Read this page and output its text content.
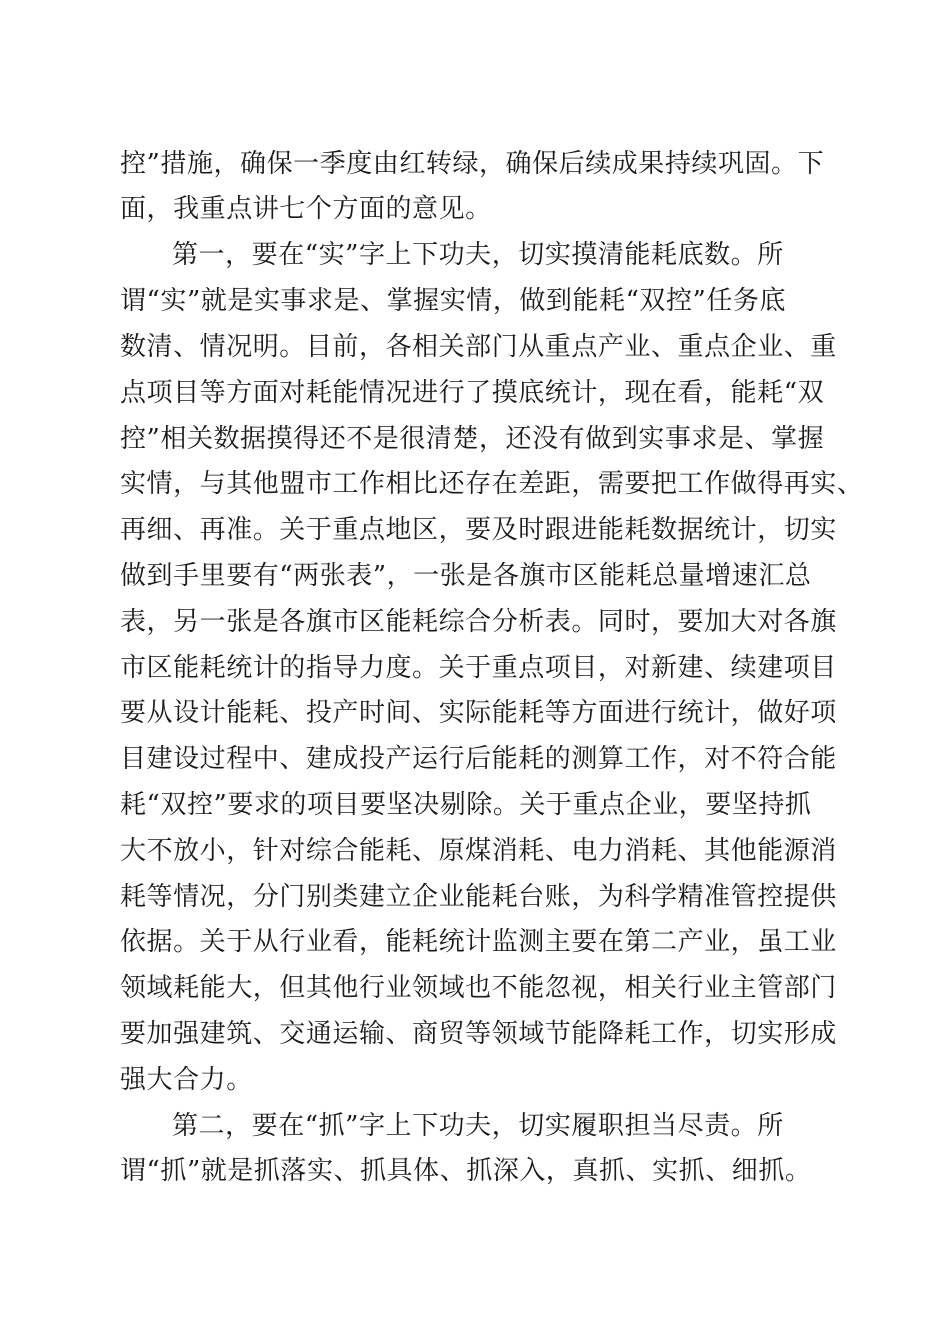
控”措施，确保一季度由红转绿，确保后续成果持续巩固。下
面，我重点讲七个方面的意见。
第一，要在“实”字上下功夫，切实摸清能耗底数。所
谓“实”就是实事求是、掌握实情，做到能耗“双控”任务底
数清、情况明。目前，各相关部门从重点产业、重点企业、重
点项目等方面对耗能情况进行了摸底统计，现在看，能耗“双
控”相关数据摸得还不是很清楚，还没有做到实事求是、掌握
实情，与其他盟市工作相比还存在差距，需要把工作做得再实、
再细、再准。关于重点地区，要及时跟进能耗数据统计，切实
做到手里要有“两张表”，一张是各旗市区能耗总量增速汇总
表，另一张是各旗市区能耗综合分析表。同时，要加大对各旗
市区能耗统计的指导力度。关于重点项目，对新建、续建项目
要从设计能耗、投产时间、实际能耗等方面进行统计，做好项
目建设过程中、建成投产运行后能耗的测算工作，对不符合能
耗“双控”要求的项目要坚决剔除。关于重点企业，要坚持抓
大不放小，针对综合能耗、原煤消耗、电力消耗、其他能源消
耗等情况，分门别类建立企业能耗台账，为科学精准管控提供
依据。关于从行业看，能耗统计监测主要在第二产业，虽工业
领域耗能大，但其他行业领域也不能忽视，相关行业主管部门
要加强建筑、交通运输、商贸等领域节能降耗工作，切实形成
强大合力。
第二，要在“抓”字上下功夫，切实履职担当尽责。所
谓“抓”就是抓落实、抓具体、抓深入，真抓、实抓、细抓。
